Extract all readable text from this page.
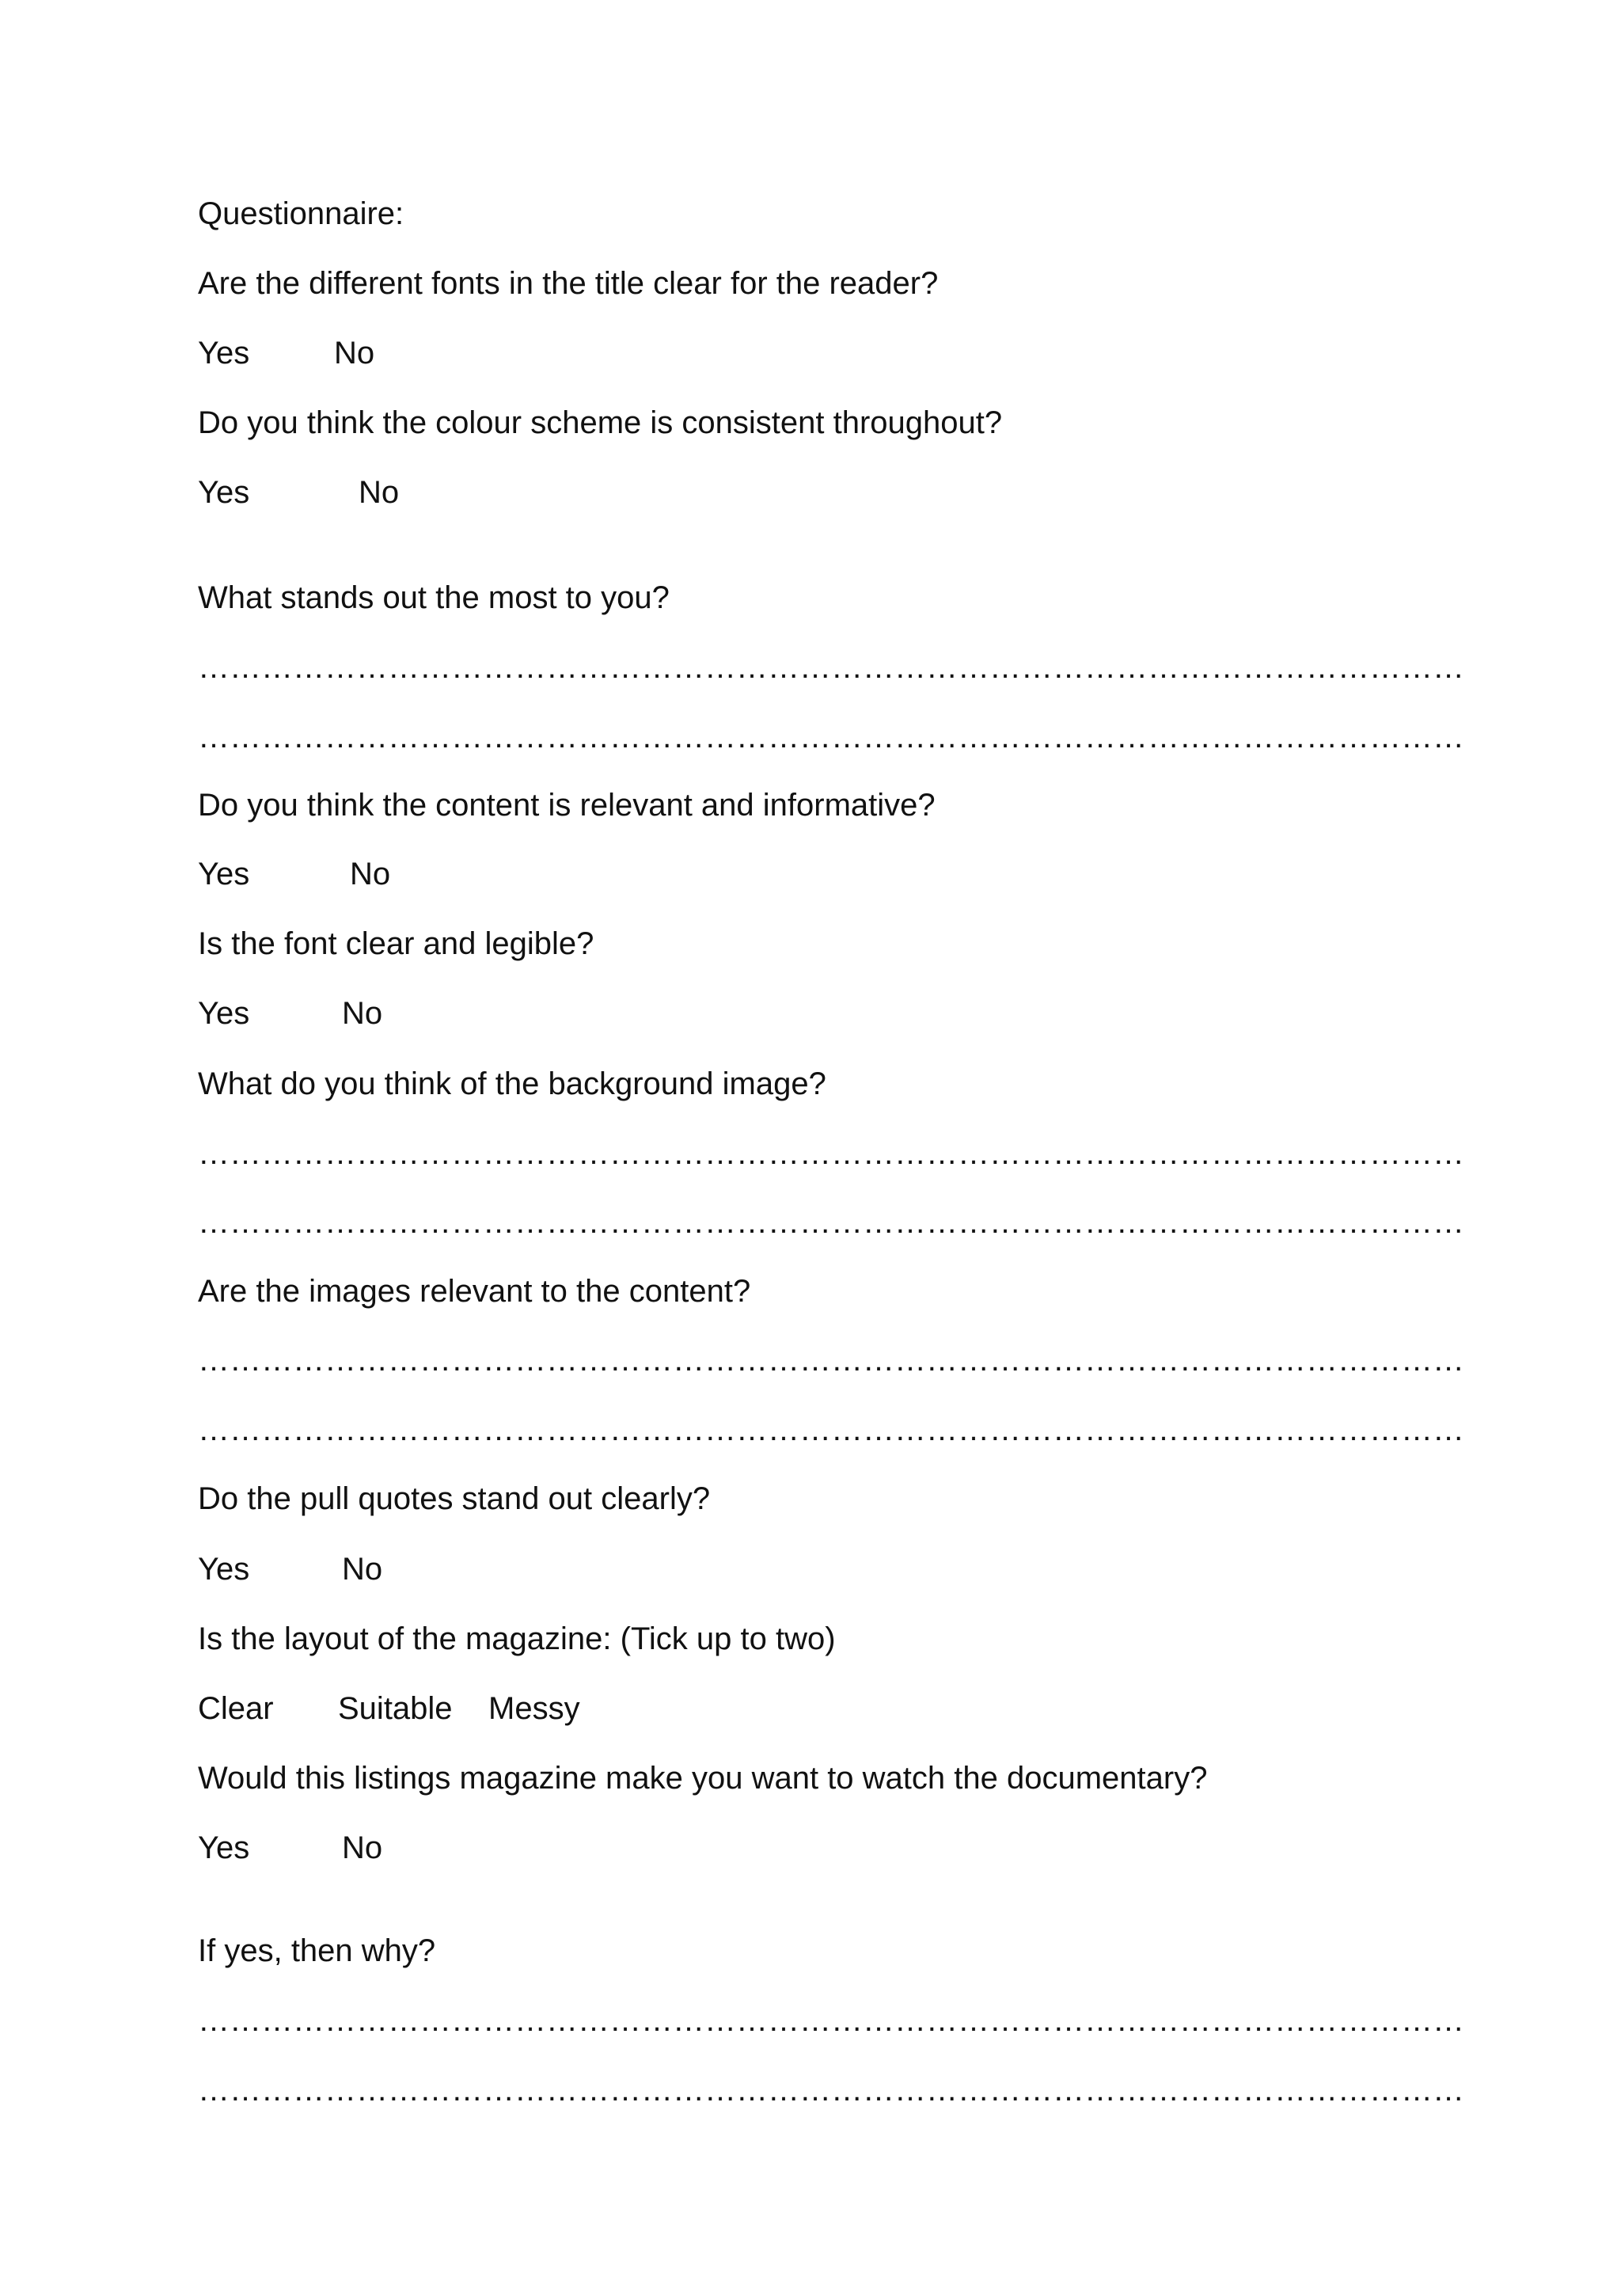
Questionnaire:
Are the different fonts in the title clear for the reader?
Yes	No
Do you think the colour scheme is consistent throughout?
Yes	No
What stands out the most to you?
…………………………………………………………………………………………………………
…………………………………………………………………………………………………………
Do you think the content is relevant and informative?
Yes	No
Is the font clear and legible?
Yes	No
What do you think of the background image?
…………………………………………………………………………………………………………
…………………………………………………………………………………………………………
Are the images relevant to the content?
…………………………………………………………………………………………………………
…………………………………………………………………………………………………………
Do the pull quotes stand out clearly?
Yes	No
Is the layout of the magazine: (Tick up to two)
Clear Suitable Messy
Would this listings magazine make you want to watch the documentary?
Yes	No
If yes, then why?
…………………………………………………………………………………………………………
…………………………………………………………………………………………………………
